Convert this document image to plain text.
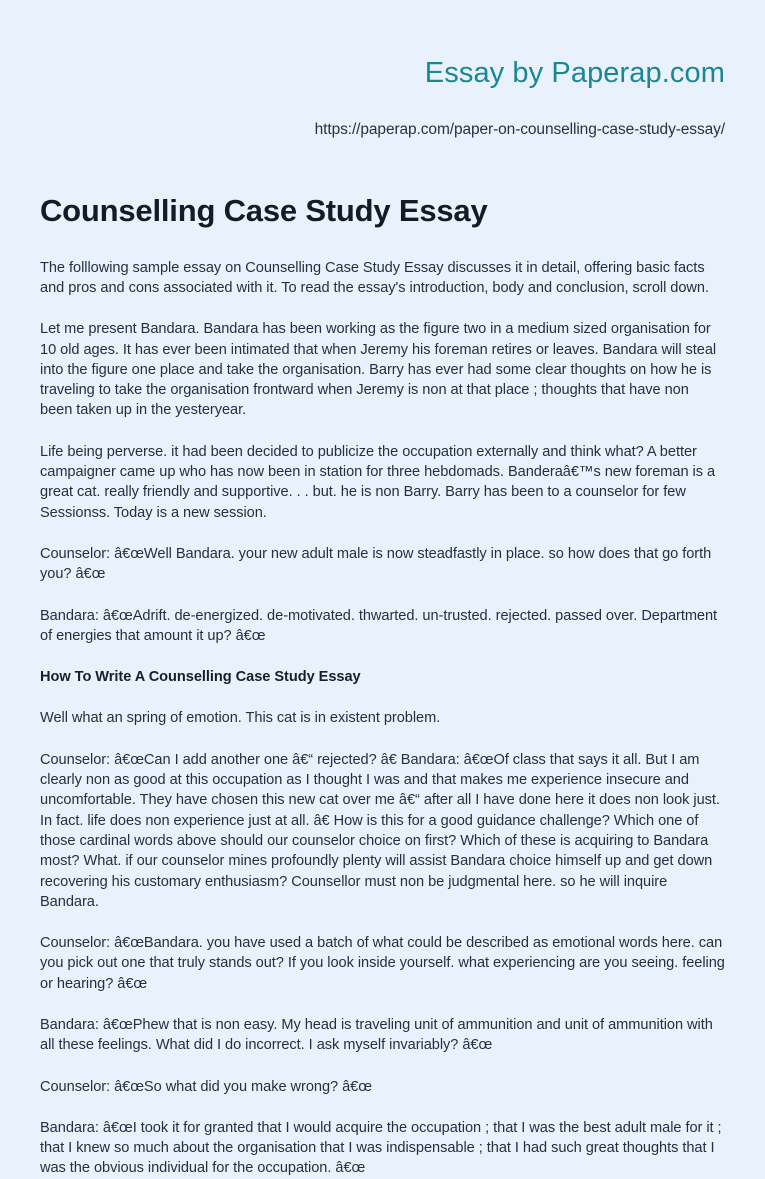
Essay by Paperap.com
https://paperap.com/paper-on-counselling-case-study-essay/
Counselling Case Study Essay

The folllowing sample essay on Counselling Case Study Essay discusses it in detail, offering basic facts and pros and cons associated with it. To read the essay's introduction, body and conclusion, scroll down.

Let me present Bandara. Bandara has been working as the figure two in a medium sized organisation for 10 old ages. It has ever been intimated that when Jeremy his foreman retires or leaves. Bandara will steal into the figure one place and take the organisation. Barry has ever had some clear thoughts on how he is traveling to take the organisation frontward when Jeremy is non at that place ; thoughts that have non been taken up in the yesteryear.

Life being perverse. it had been decided to publicize the occupation externally and think what? A better campaigner came up who has now been in station for three hebdomads. Banderaâ€™s new foreman is a great cat. really friendly and supportive. . . but. he is non Barry. Barry has been to a counselor for few Sessionss. Today is a new session.

Counselor: â€œWell Bandara. your new adult male is now steadfastly in place. so how does that go forth you? â€œ

Bandara: â€œAdrift. de-energized. de-motivated. thwarted. un-trusted. rejected. passed over. Department of energies that amount it up? â€œ

How To Write A Counselling Case Study Essay

Well what an spring of emotion. This cat is in existent problem.

Counselor: â€œCan I add another one â€“ rejected? â€ Bandara: â€œOf class that says it all. But I am clearly non as good at this occupation as I thought I was and that makes me experience insecure and uncomfortable. They have chosen this new cat over me â€“ after all I have done here it does non look just. In fact. life does non experience just at all. â€ How is this for a good guidance challenge? Which one of those cardinal words above should our counselor choice on first? Which of these is acquiring to Bandara most? What. if our counselor mines profoundly plenty will assist Bandara choice himself up and get down recovering his customary enthusiasm? Counsellor must non be judgmental here. so he will inquire Bandara.

Counselor: â€œBandara. you have used a batch of what could be described as emotional words here. can you pick out one that truly stands out? If you look inside yourself. what experiencing are you seeing. feeling or hearing? â€œ

Bandara: â€œPhew that is non easy. My head is traveling unit of ammunition and unit of ammunition with all these feelings. What did I do incorrect. I ask myself invariably? â€œ

Counselor: â€œSo what did you make wrong? â€œ

Bandara: â€œI took it for granted that I would acquire the occupation ; that I was the best adult male for it ; that I knew so much about the organisation that I was indispensable ; that I had such great thoughts that I was the obvious individual for the occupation. â€œ
